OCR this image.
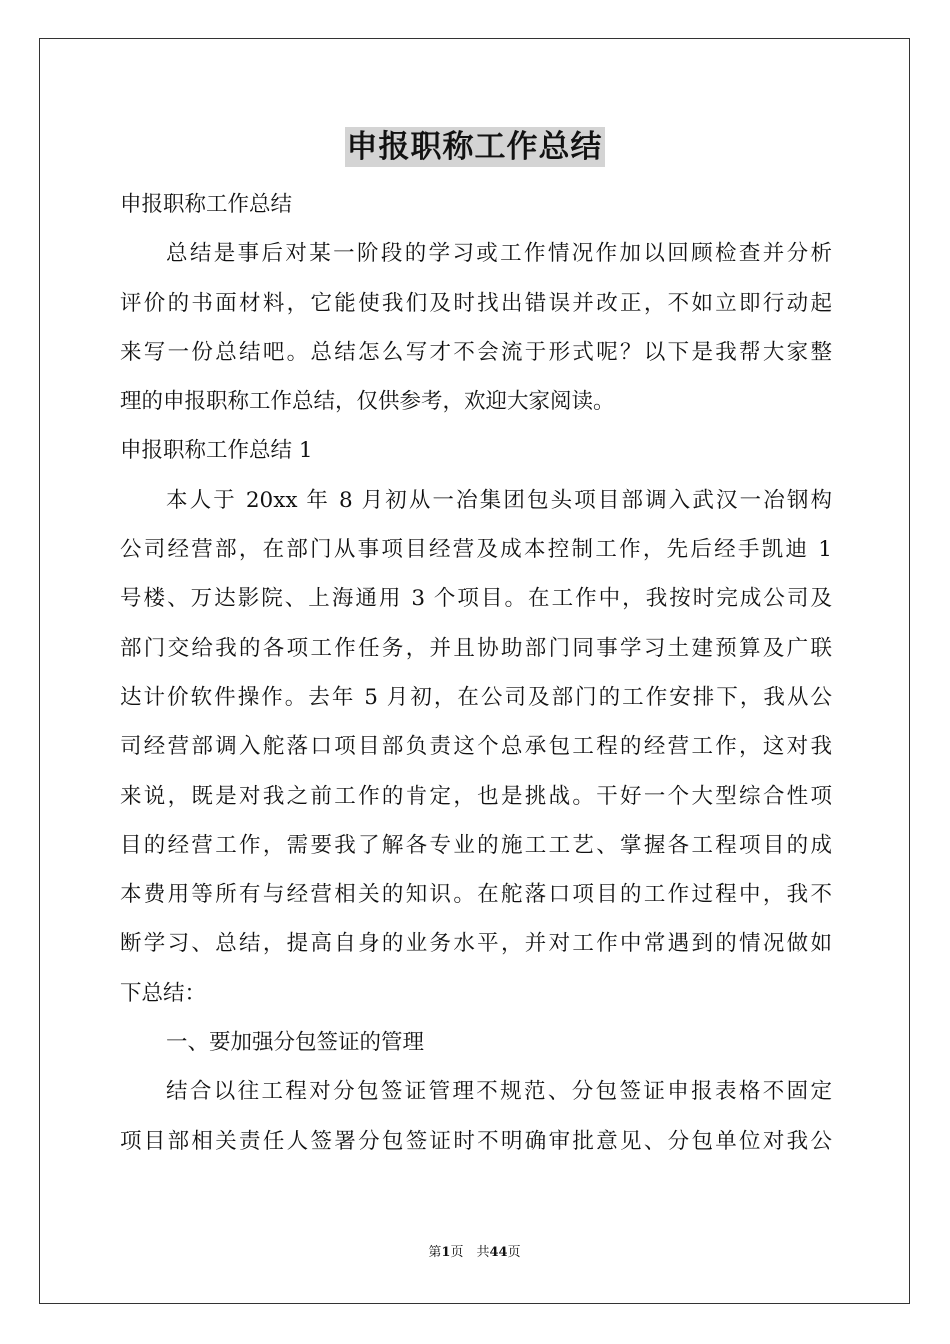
申报职称工作总结
申报职称工作总结
总结是事后对某一阶段的学习或工作情况作加以回顾检查并分析
评价的书面材料，它能使我们及时找出错误并改正，不如立即行动起
来写一份总结吧。总结怎么写才不会流于形式呢？以下是我帮大家整
理的申报职称工作总结，仅供参考，欢迎大家阅读。
申报职称工作总结 1
本人于 20xx 年 8 月初从一冶集团包头项目部调入武汉一冶钢构
公司经营部，在部门从事项目经营及成本控制工作，先后经手凯迪 1
号楼、万达影院、上海通用 3 个项目。在工作中，我按时完成公司及
部门交给我的各项工作任务，并且协助部门同事学习土建预算及广联
达计价软件操作。去年 5 月初，在公司及部门的工作安排下，我从公
司经营部调入舵落口项目部负责这个总承包工程的经营工作，这对我
来说，既是对我之前工作的肯定，也是挑战。干好一个大型综合性项
目的经营工作，需要我了解各专业的施工工艺、掌握各工程项目的成
本费用等所有与经营相关的知识。在舵落口项目的工作过程中，我不
断学习、总结，提高自身的业务水平，并对工作中常遇到的情况做如
下总结：
一、要加强分包签证的管理
结合以往工程对分包签证管理不规范、分包签证申报表格不固定
项目部相关责任人签署分包签证时不明确审批意见、分包单位对我公
第1页　共44页
